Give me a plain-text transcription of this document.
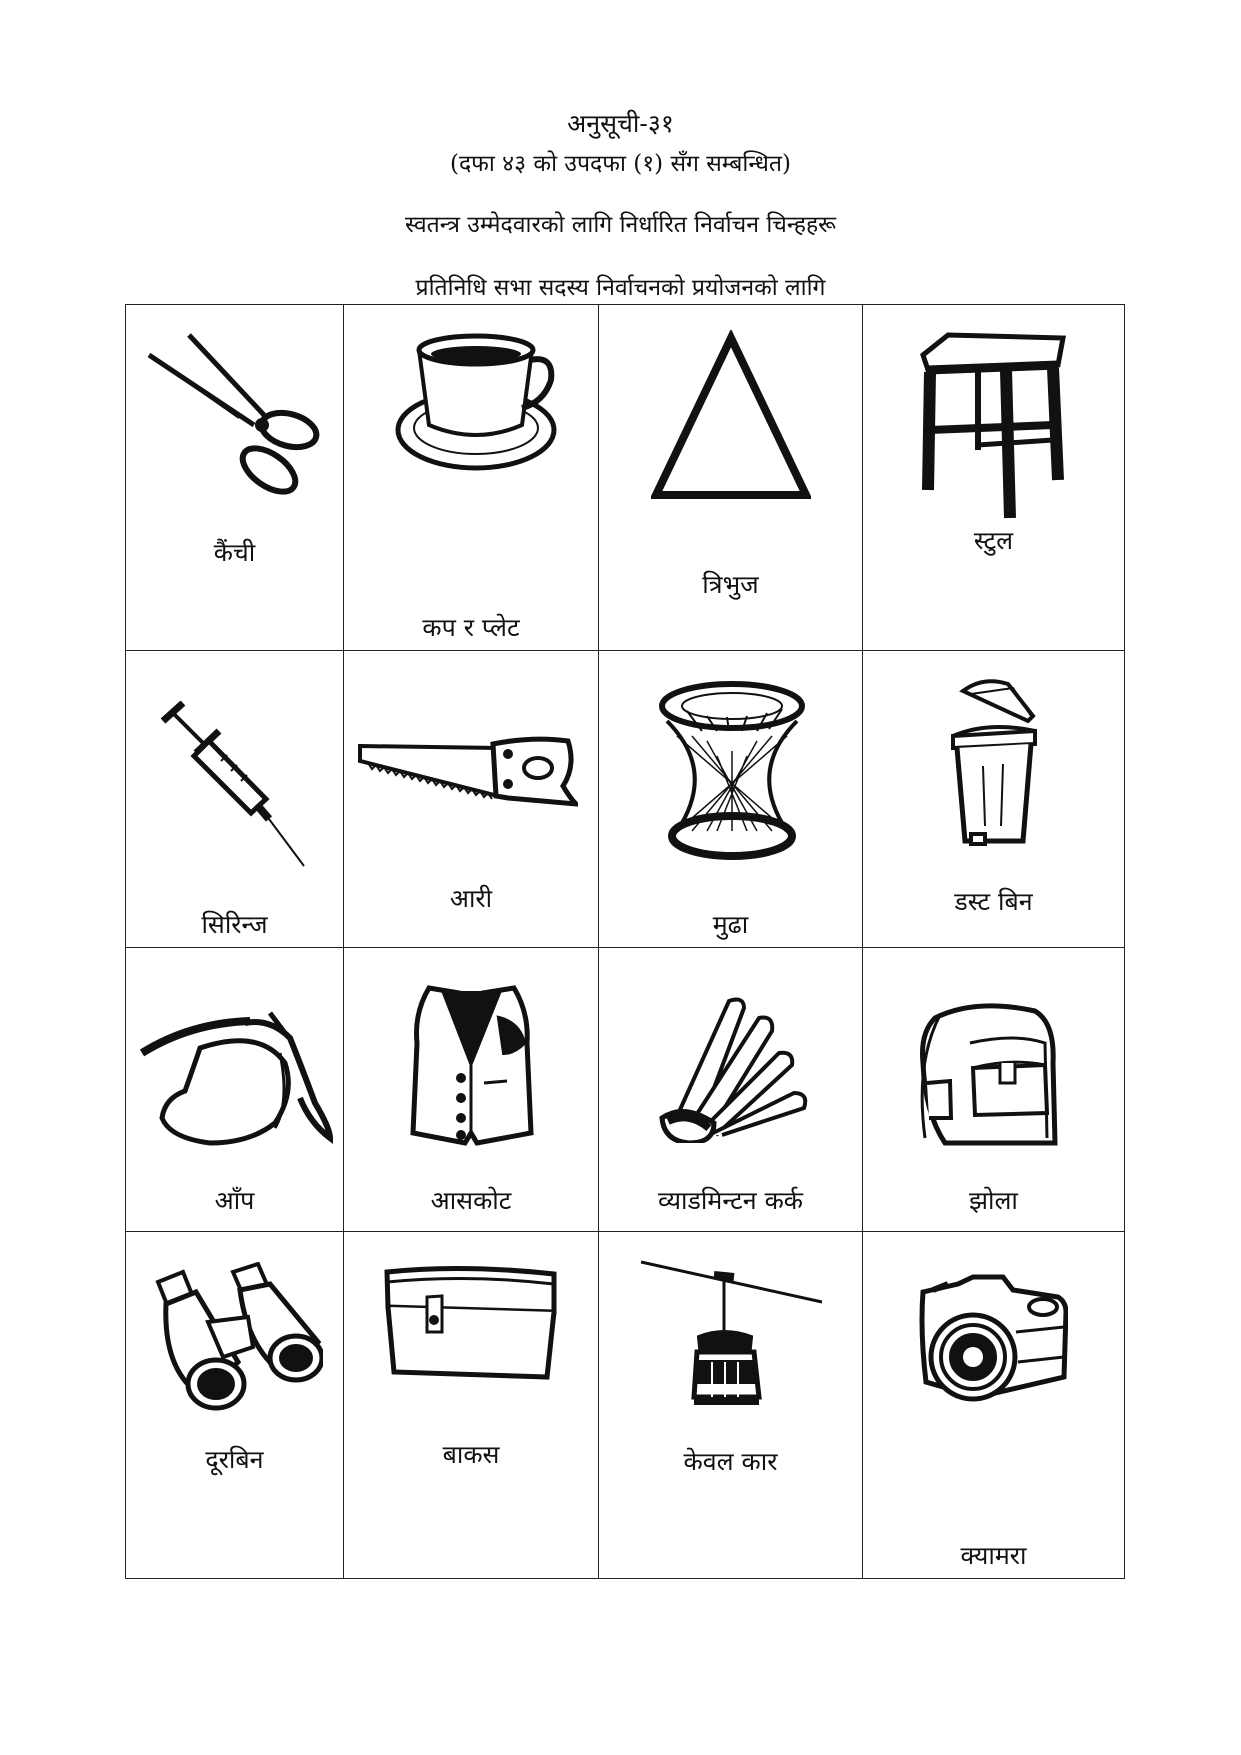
अनुसूची-३१
(दफा ४३ को उपदफा (१) सँग सम्बन्धित)
स्वतन्त्र उम्मेदवारको लागि निर्धारित निर्वाचन चिन्हहरू
प्रतिनिधि सभा सदस्य निर्वाचनको प्रयोजनको लागि
कैंची	कप र प्लेट	त्रिभुज	स्टुल

सिरिन्ज	आरी	मुढा	डस्ट बिन

आँप	आसकोट	व्याडमिन्टन कर्क	झोला

दूरबिन	बाकस	केवल कार	क्यामरा
